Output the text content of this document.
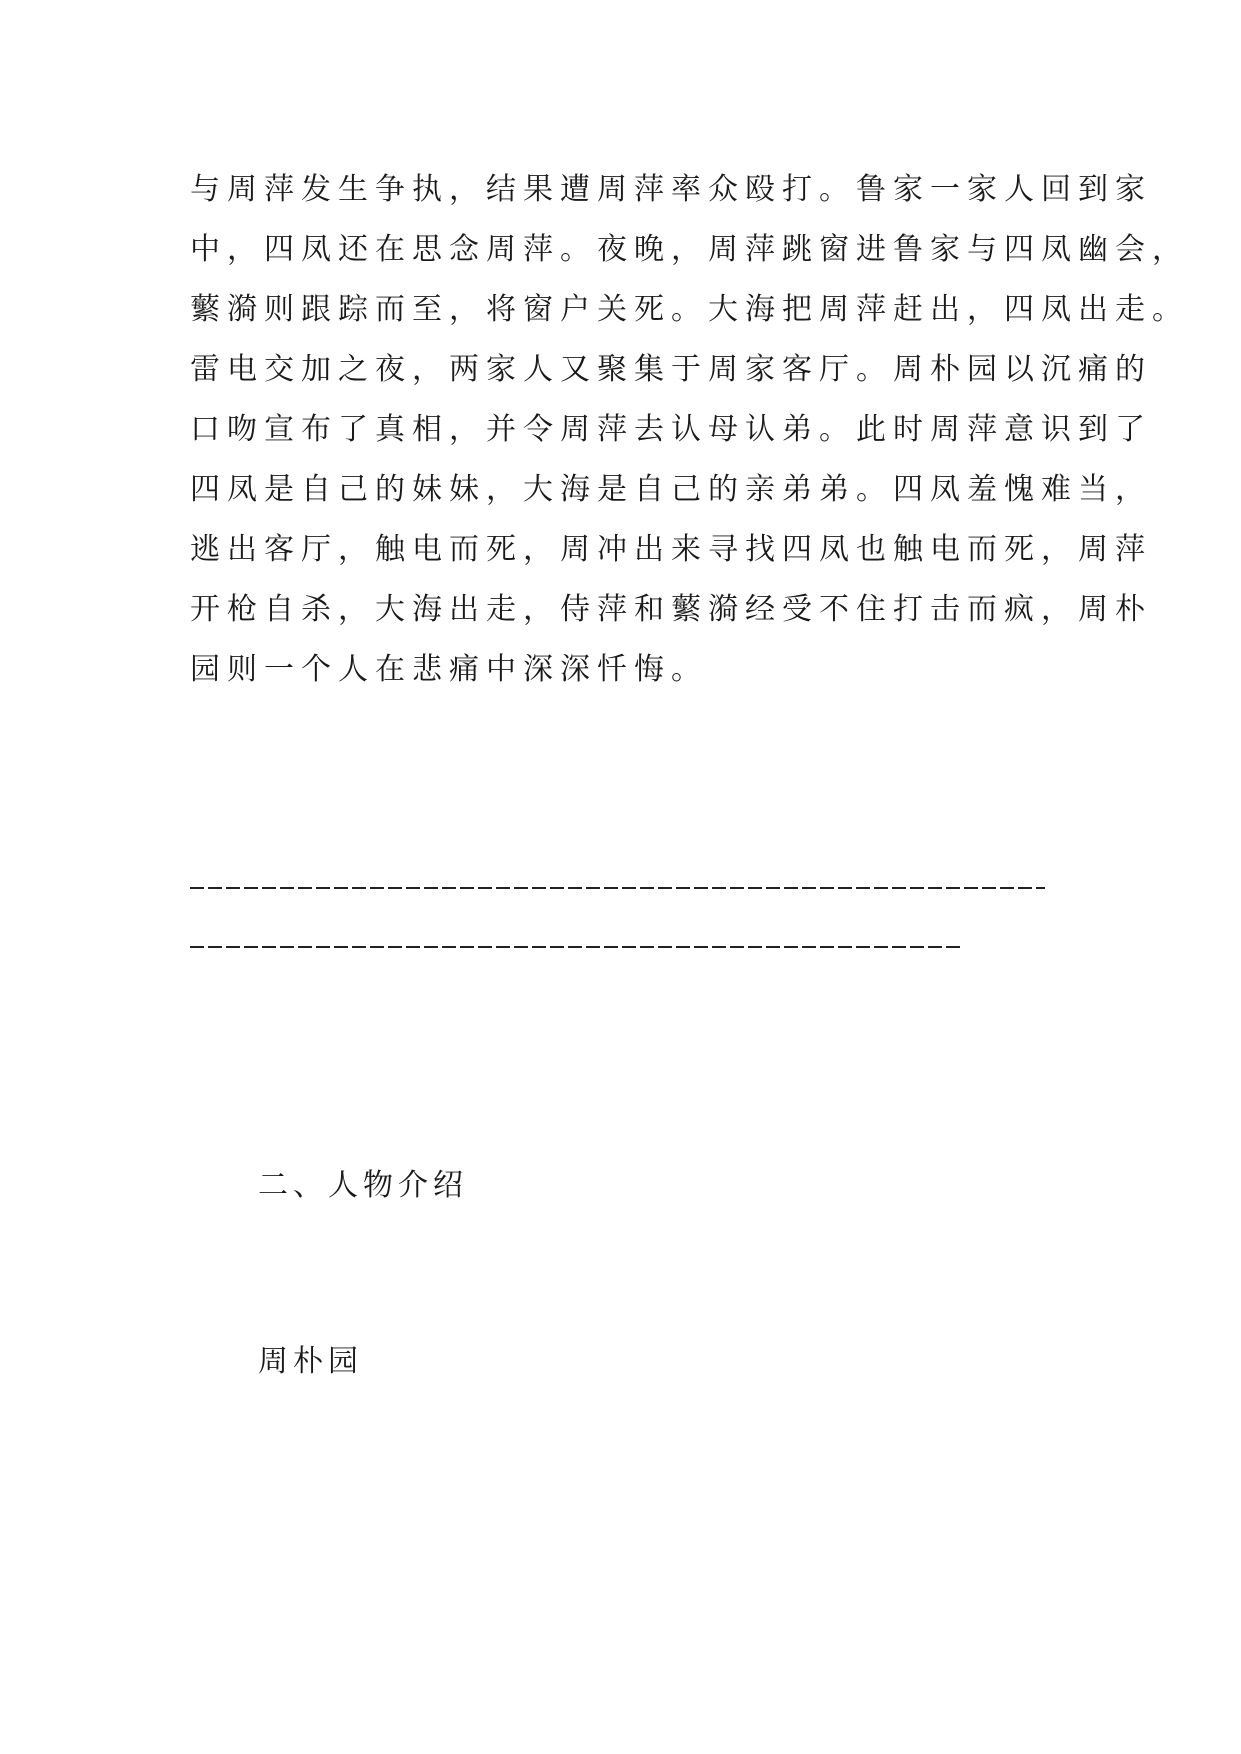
与周萍发生争执，结果遭周萍率众殴打。鲁家一家人回到家
中，四凤还在思念周萍。夜晚，周萍跳窗进鲁家与四凤幽会，
蘩漪则跟踪而至，将窗户关死。大海把周萍赶出，四凤出走。
雷电交加之夜，两家人又聚集于周家客厅。周朴园以沉痛的
口吻宣布了真相，并令周萍去认母认弟。此时周萍意识到了
四凤是自己的妹妹，大海是自己的亲弟弟。四凤羞愧难当，
逃出客厅，触电而死，周冲出来寻找四凤也触电而死，周萍
开枪自杀，大海出走，侍萍和蘩漪经受不住打击而疯，周朴
园则一个人在悲痛中深深忏悔。
二、人物介绍
周朴园
